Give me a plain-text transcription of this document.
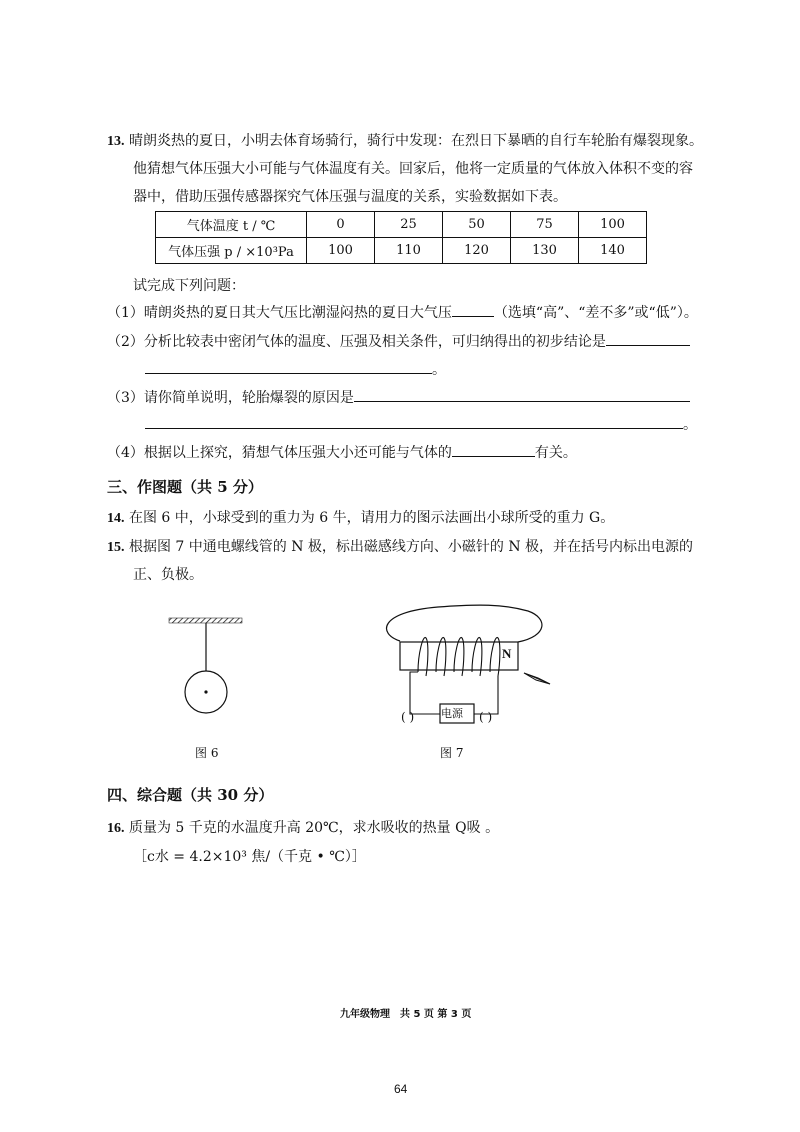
13. 晴朗炎热的夏日，小明去体育场骑行，骑行中发现：在烈日下暴晒的自行车轮胎有爆裂现象。
他猜想气体压强大小可能与气体温度有关。回家后，他将一定质量的气体放入体积不变的容
器中，借助压强传感器探究气体压强与温度的关系，实验数据如下表。
气体温度 t / ℃	0	25	50	75	100
气体压强 p / ×10³Pa	100	110	120	130	140
试完成下列问题：
（1）晴朗炎热的夏日其大气压比潮湿闷热的夏日大气压	（选填“高”、“差不多”或“低”）。
（2）分析比较表中密闭气体的温度、压强及相关条件，可归纳得出的初步结论是
。
（3）请你简单说明，轮胎爆裂的原因是
。
（4）根据以上探究，猜想气体压强大小还可能与气体的	有关。
三、作图题（共 5 分）
14. 在图 6 中，小球受到的重力为 6 牛，请用力的图示法画出小球所受的重力 G。
15. 根据图 7 中通电螺线管的 N 极，标出磁感线方向、小磁针的 N 极，并在括号内标出电源的
正、负极。
图 6
N
电源
( )	( )
图 7
四、综合题（共 30 分）
16. 质量为 5 千克的水温度升高 20℃，求水吸收的热量 Q吸 。
［c水 = 4.2×10³ 焦/（千克 • ℃）］
九年级物理　共 5 页 第 3 页
64
